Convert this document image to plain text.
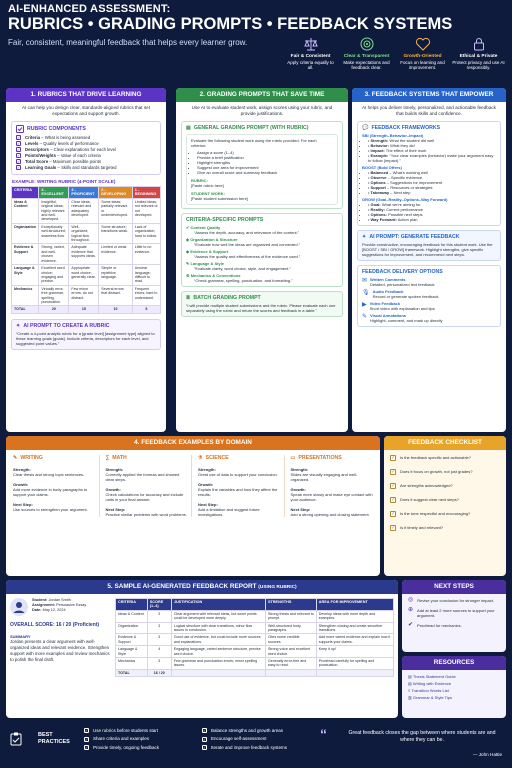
AI-ENHANCED ASSESSMENT:
RUBRICS • GRADING PROMPTS • FEEDBACK SYSTEMS
Fair, consistent, meaningful feedback that helps every learner grow.
Fair & Consistent
Apply criteria equally to all.
Clear & Transparent
Make expectations and feedback clear.
Growth-Oriented
Focus on learning and improvement.
Ethical & Private
Protect privacy and use AI responsibly.
1. RUBRICS THAT DRIVE LEARNING
AI can help you design clear, standards-aligned rubrics that set expectations and support growth.
RUBRIC COMPONENTS
✓ Criteria – What is being assessed
✓ Levels – Quality levels of performance
✓ Descriptors – Clear explanations for each level
✓ Points/Weights – Value of each criteria
✓ Total Score – Maximum possible points
✓ Learning Goals – Skills and standards targeted
EXAMPLE: WRITING RUBRIC (4-POINT SCALE)
CRITERIA	4 - EXCELLENT	3 - PROFICIENT	2 - DEVELOPING	1 - BEGINNING
Ideas & Content	Insightful, original ideas; highly relevant and well-developed.	Clear ideas; relevant and adequately developed.	Some ideas; partially relevant or underdeveloped.	Limited ideas; not relevant or not developed.
Organization	Exceptionally well-structured; seamless flow.	Well-organized; logical flow throughout.	Some structure; transitions weak.	Lack of organization; hard to follow.
Evidence & Support	Strong, varied, and well-chosen evidence.	Adequate evidence that supports ideas.	Limited or weak evidence.	Little to no evidence.
Language & Style	Excellent word choice; engaging and precise.	Appropriate word choice; generally clear.	Simple or repetitive language.	Unclear language; difficult to read.
Mechanics	Virtually error-free grammar, spelling, punctuation.	Few minor errors; do not distract.	Several errors that distract.	Frequent errors; hard to understand.
TOTAL	20	15	10	5
✦ AI PROMPT TO CREATE A RUBRIC
“Create a 4-point analytic rubric for a [grade level] [assignment type] aligned to these learning goals [goals]. Include criteria, descriptors for each level, and suggested point values.”
2. GRADING PROMPTS THAT SAVE TIME
Use AI to evaluate student work, assign scores using your rubric, and provide justifications.
▤ GENERAL GRADING PROMPT (WITH RUBRIC)
Evaluate the following student work using the rubric provided. For each criterion:
• Assign a score (1–4)
• Provide a brief justification
• Highlight strengths
• Suggest one area for improvement
• Give an overall score and summary feedback
RUBRIC:
[Paste rubric here]
STUDENT WORK:
[Paste student submission here]
CRITERIA-SPECIFIC PROMPTS
✔ Content Quality
“Assess the depth, accuracy, and relevance of the content.”
◈ Organization & Structure
“Evaluate how well the ideas are organized and connected.”
◆ Evidence & Support
“Assess the quality and effectiveness of the evidence used.”
✎ Language & Style
“Evaluate clarity, word choice, style, and engagement.”
⚙ Mechanics & Conventions
“Check grammar, spelling, punctuation, and formatting.”
≣ BATCH GRADING PROMPT
“I will provide multiple student submissions and the rubric. Please evaluate each one separately using the rubric and return the scores and feedback in a table.”
3. FEEDBACK SYSTEMS THAT EMPOWER
AI helps you deliver timely, personalized, and actionable feedback that builds skills and confidence.
💬 FEEDBACK FRAMEWORKS
SBI (Strength–Behavior–Impact)
• • Strength: What the student did well
• • Behavior: What they did
• • Impact: The effect of their work
• • Example: “Your clear examples (behavior) make your argument easy to follow (impact).”
BOOST (Bold Offers)
• • Balanced – What’s working well
• • Observe – Specific evidence
• • Options – Suggestions for improvement
• • Support – Resources or strategies
• • Takeaway – Next step
GROW (Goal–Reality–Options–Way Forward)
• • Goal: What we’re aiming for
• • Reality: Current performance
• • Options: Possible next steps
• • Way Forward: Action plan
✦ AI PROMPT: GENERATE FEEDBACK
Provide constructive, encouraging feedback for this student work. Use the [BOOST / SBI / GROW] framework. Highlight strengths, give specific suggestions for improvement, and recommend next steps.
FEEDBACK DELIVERY OPTIONS
✉ Written Comments
Detailed, personalized text feedback
🎙 Audio Feedback
Record or generate spoken feedback
▶ Video Feedback
Short video with explanation and tips
✎ Visual Annotations
Highlight, comment, and mark up directly
4. FEEDBACK EXAMPLES BY DOMAIN
✎ WRITING
Strength:
Clear thesis and strong topic sentences.
Growth:
Add more evidence in body paragraphs to support your claims.
Next Step:
Use sources to strengthen your argument.
∑ MATH
Strength:
Correctly applied the formula and showed clear steps.
Growth:
Check calculations for accuracy and include units in your final answer.
Next Step:
Practice similar problems with word problems.
⚗ SCIENCE
Strength:
Great use of data to support your conclusion.
Growth:
Explain the variables and how they affect the results.
Next Step:
Add a limitation and suggest future investigations.
▭ PRESENTATIONS
Strength:
Slides are visually engaging and well-organized.
Growth:
Speak more slowly and make eye contact with your audience.
Next Step:
Add a strong opening and closing statement.
FEEDBACK CHECKLIST
✓ Is the feedback specific and actionable?
✓ Does it focus on growth, not just grades?
✓ Are strengths acknowledged?
✓ Does it suggest clear next steps?
✓ Is the tone respectful and encouraging?
✓ Is it timely and relevant?
5. SAMPLE AI-GENERATED FEEDBACK REPORT (USING RUBRIC)
Student: Jordan Smith
Assignment: Persuasive Essay
Date: May 12, 2024
OVERALL SCORE: 16 / 20 (Proficient)
SUMMARY
Jordan presents a clear argument with well-organized ideas and relevant evidence. Strengthen support with more examples and review mechanics to polish the final draft.
CRITERIA	SCORE (1–4)	JUSTIFICATION	STRENGTHS	AREA FOR IMPROVEMENT
Ideas & Content	3	Clear argument with relevant ideas, but some points could be developed more deeply.	Strong thesis and relevant to prompt.	Develop ideas with more depth and examples.
Organization	3	Logical structure with clear transitions, minor flow issues in conclusion.	Well-structured body paragraphs.	Strengthen closing and create smoother transitions.
Evidence & Support	3	Good use of evidence, but could include more sources and explanations.	Cites some credible sources.	Add more varied evidence and explain how it supports your claims.
Language & Style	4	Engaging language, varied sentence structure, precise word choice.	Strong voice and excellent word choice.	Keep it up!
Mechanics	3	Few grammar and punctuation errors; minor spelling issues.	Generally error-free and easy to read.	Proofread carefully for spelling and punctuation.
TOTAL	16 / 20			
NEXT STEPS
◎ Revise your conclusion for stronger impact.
⊕ Add at least 2 more sources to support your argument.
✔ Proofread for mechanics.
RESOURCES
▤ Thesis Statement Guide
▤ Writing with Evidence
≡ Transition Words List
▥ Grammar & Style Tips
BEST PRACTICES
✓ Use rubrics before students start	✓ Balance strengths and growth areas
✓ Share criteria and examples	✓ Encourage self-assessment
✓ Provide timely, ongoing feedback	✓ Iterate and improve feedback systems
“	Great feedback closes the gap between where students are and where they can be.
— John Hattie
